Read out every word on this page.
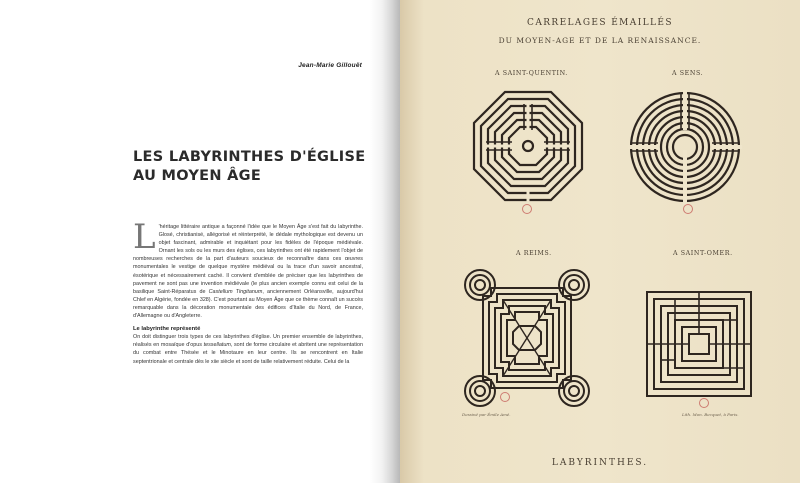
Jean-Marie Gillouët
LES LABYRINTHES D'ÉGLISE
AU MOYEN ÂGE

L 'héritage littéraire antique a façonné l'idée que le Moyen Âge s'est fait du labyrinthe. Glosé, christianisé, allégorisé et réinterprété, le dédale mythologique est devenu un objet fascinant, admirable et inquiétant pour les fidèles de l'époque médiévale. Ornant les sols ou les murs des églises, ces labyrinthes ont été rapidement l'objet de nombreuses recherches de la part d'auteurs soucieux de reconnaître dans ces œuvres monumentales le vestige de quelque mystère médiéval ou la trace d'un savoir ancestral, ésotérique et nécessairement caché. Il convient d'emblée de préciser que les labyrinthes de pavement ne sont pas une invention médiévale (le plus ancien exemple connu est celui de la basilique Saint-Réparatus de Castellum Tingitanum, anciennement Orléansville, aujourd'hui Chlef en Algérie, fondée en 328). C'est pourtant au Moyen Âge que ce thème connaît un succès remarquable dans la décoration monumentale des édifices d'Italie du Nord, de France, d'Allemagne ou d'Angleterre.

Le labyrinthe représenté

On doit distinguer trois types de ces labyrinthes d'église. Un premier ensemble de labyrinthes, réalisés en mosaïque d'opus tessellatum, sont de forme circulaire et abritent une représentation du combat entre Thésée et le Minotaure en leur centre. Ils se rencontrent en Italie septentrionale et centrale dès le xiie siècle et sont de taille relativement réduite. Celui de la

CARRELAGES ÉMAILLÉS
DU MOYEN-AGE ET DE LA RENAISSANCE.
A SAINT-QUENTIN.	A SENS.
A REIMS.	A SAINT-OMER.
Dessiné par Émile Amé.	Lith. Mon. Becquet, à Paris.
LABYRINTHES.
